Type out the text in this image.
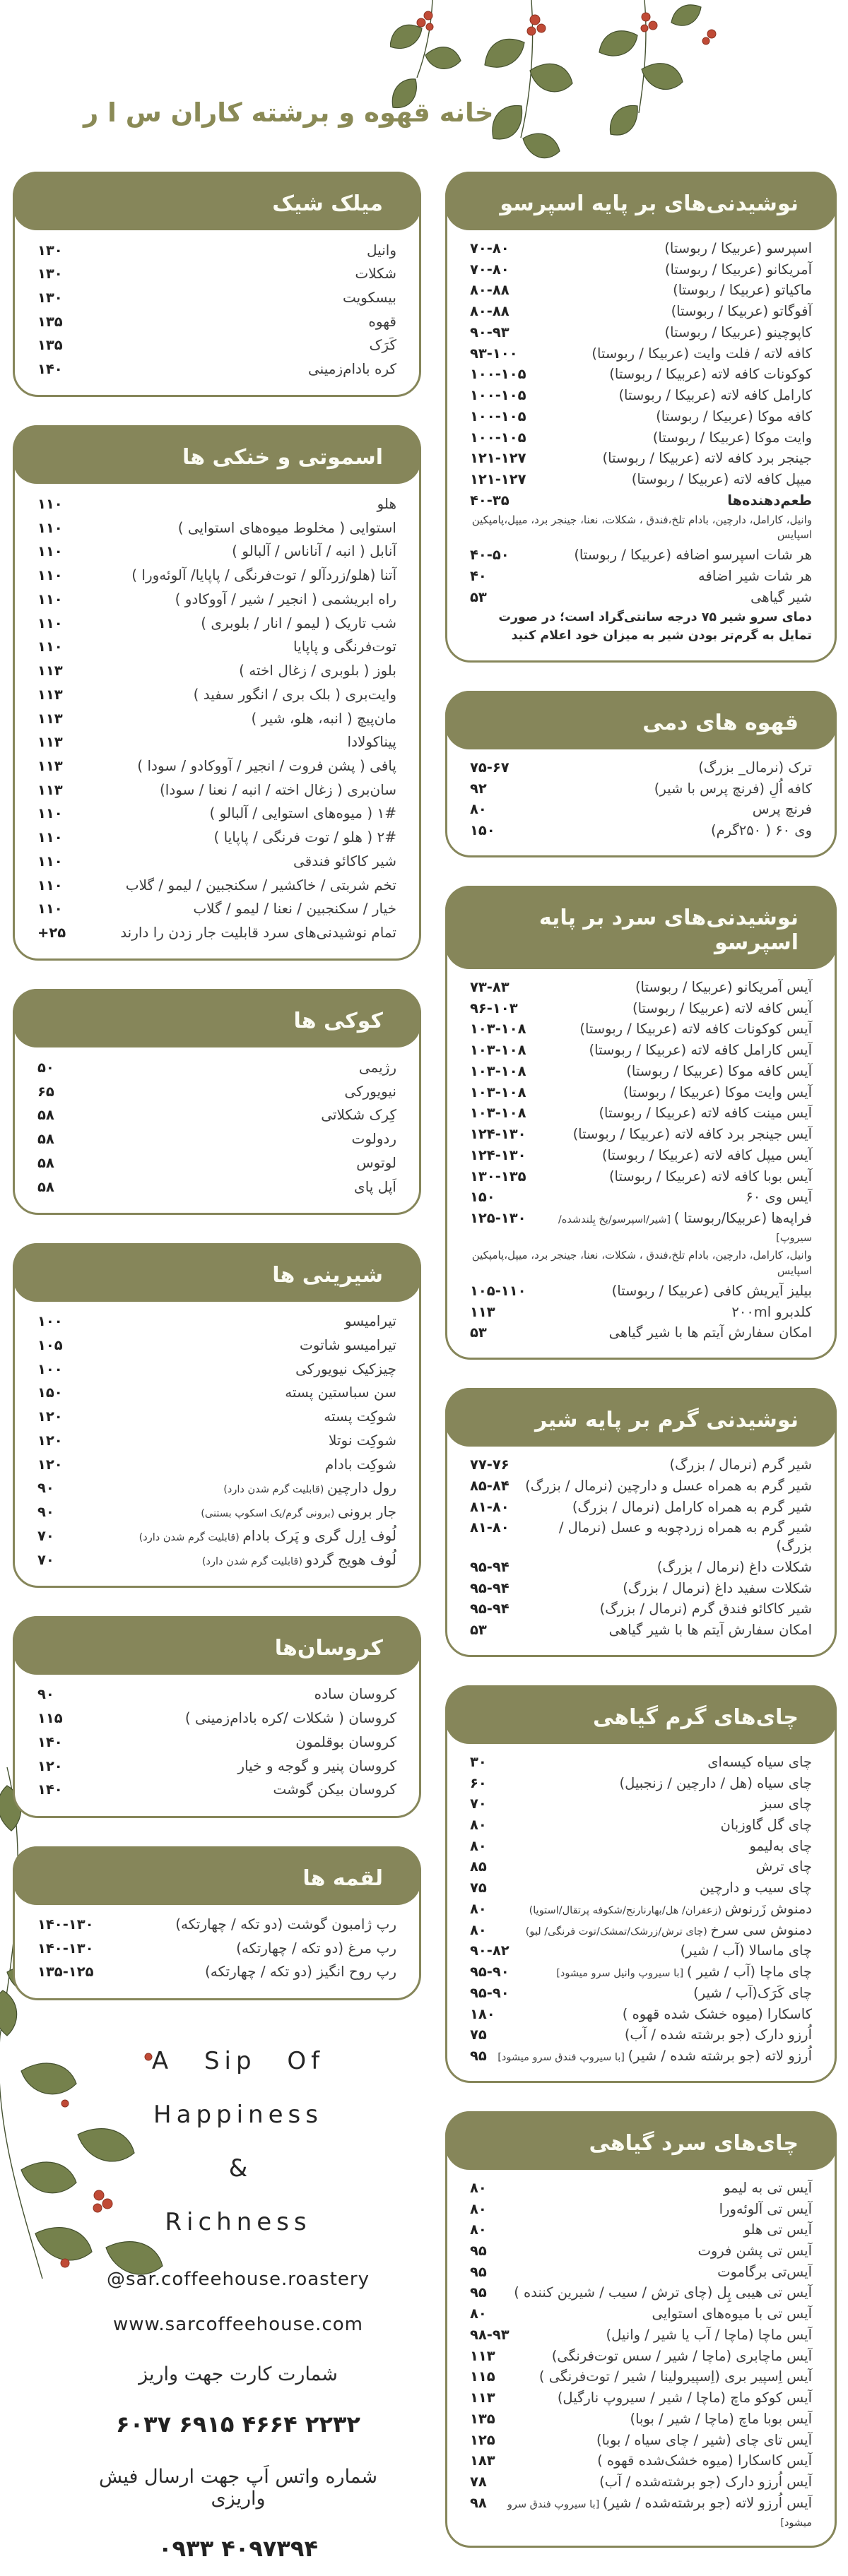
خانه قهوه و برشته کاران س ا ر
میلک شیک
وانیل
۱۳۰
شکلات
۱۳۰
بیسکویت
۱۳۰
قهوه
۱۳۵
کَرَک
۱۳۵
کره بادام‌زمینی
۱۴۰
اسموتی و خنکی ها
هلو
۱۱۰
استوایی ( مخلوط میوه‌های استوایی )
۱۱۰
آنابل ( انبه / آناناس / آلبالو )
۱۱۰
آتنا (هلو/زردآلو / توت‌فرنگی / پاپایا/ آلوئه‌ورا )
۱۱۰
راه ابریشمی ( انجیر / شیر / آووکادو )
۱۱۰
شب تاریک ( لیمو / انار / بلوبری )
۱۱۰
توت‌فرنگی و پاپایا
۱۱۰
بلوز ( بلوبری / زغال اخته )
۱۱۳
وایت‌بری ( بلک بری / انگور سفید )
۱۱۳
مان‌پیچ ( انبه، هلو، شیر )
۱۱۳
پیناکولادا
۱۱۳
پافی ( پشن فروت / انجیر / آووکادو / سودا )
۱۱۳
سان‌بری ( زغال اخته / انبه / نعنا / سودا)
۱۱۳
۱# ( میوه‌های استوایی / آلبالو )
۱۱۰
۲# ( هلو / توت فرنگی / پاپایا )
۱۱۰
شیر کاکائو فندقی
۱۱۰
تخم شربتی / خاکشیر / سکنجبین / لیمو / گلاب
۱۱۰
خیار / سکنجبین / نعنا / لیمو / گلاب
۱۱۰
تمام نوشیدنی‌های سرد قابلیت جار زدن را دارند
+۲۵
کوکی ها
رژیمی
۵۰
نیویورکی
۶۵
کِرک شکلاتی
۵۸
ردولوت
۵۸
لوتوس
۵۸
اَپل پای
۵۸
شیرینی ها
تیرامیسو
۱۰۰
تیرامیسو شاتوت
۱۰۵
چیزکیک نیویورکی
۱۰۰
سن سباستین پسته
۱۵۰
شوکِت پسته
۱۲۰
شوکِت نوتلا
۱۲۰
شوکِت بادام
۱۲۰
رول دارچین (قابلیت گرم شدن دارد)
۹۰
جار برونی (برونی گرم/یک اسکوپ بستنی)
۹۰
لُوف اِرل گری و پَرک بادام (قابلیت گرم شدن دارد)
۷۰
لُوف هویج گردو (قابلیت گرم شدن دارد)
۷۰
کروسان‌ها
کروسان ساده
۹۰
کروسان ( شکلات /کره بادام‌زمینی )
۱۱۵
کروسان بوقلمون
۱۴۰
کروسان پنیر و گوجه و خیار
۱۲۰
کروسان بیکن گوشت
۱۴۰
لقمه ها
رپ ژامبون گوشت (دو تکه / چهارتکه)
۱۴۰-۱۳۰
رپ مرغ (دو تکه / چهارتکه)
۱۴۰-۱۳۰
رپ روح انگیز (دو تکه / چهارتکه)
۱۳۵-۱۲۵
A Sip Of
Happiness
&
Richness
@sar.coffeehouse.roastery
www.sarcoffeehouse.com
شمارت کارت جهت واریز
۶۰۳۷ ۶۹۱۵ ۴۶۶۴ ۲۲۳۲
شماره واتس اَپ جهت ارسال فیش واریزی
۰۹۳۳ ۴۰۹۷۳۹۴
نوشیدنی‌های بر پایه اسپرسو
اسپرسو (عربیکا / ربوستا)
۷۰-۸۰
آمریکانو (عربیکا / ربوستا)
۷۰-۸۰
ماکیاتو (عربیکا / ربوستا)
۸۰-۸۸
آفوگاتو (عربیکا / ربوستا)
۸۰-۸۸
کاپوچینو (عربیکا / ربوستا)
۹۰-۹۳
کافه لاته / فلت وایت (عربیکا / ربوستا)
۹۳-۱۰۰
کوکونات کافه لاته (عربیکا / ربوستا)
۱۰۰-۱۰۵
کارامل کافه لاته (عربیکا / ربوستا)
۱۰۰-۱۰۵
کافه موکا (عربیکا / ربوستا)
۱۰۰-۱۰۵
وایت موکا (عربیکا / ربوستا)
۱۰۰-۱۰۵
جینجر برد کافه لاته (عربیکا / ربوستا)
۱۲۱-۱۲۷
میپل کافه لاته (عربیکا / ربوستا)
۱۲۱-۱۲۷
طعم‌دهنده‌ها
۴۰-۳۵
وانیل، کارامل، دارچین، بادام تلخ،فندق ، شکلات، نعنا، جینجر برد، میپل،پامپکین اسپایس
هر شات اسپرسو اضافه (عربیکا / ربوستا)
۴۰-۵۰
هر شات شیر اضافه
۴۰
شیر گیاهی
۵۳
دمای سرو شیر ۷۵ درجه سانتی‌گراد است؛ در صورت تمایل به گرم‌تر بودن شیر به میزان خود اعلام کنید
قهوه های دمی
ترک (نرمال_ بزرگ)
۷۵-۶۷
کافه اُلِ (فرنچ پرس با شیر)
۹۲
فرنچ پرس
۸۰
وی ۶۰ ( ۲۵۰گرم)
۱۵۰
نوشیدنی‌های سرد بر پایه اسپرسو
آیس آمریکانو (عربیکا / ربوستا)
۷۳-۸۳
آیس کافه لاته (عربیکا / ربوستا)
۹۶-۱۰۳
آیس کوکونات کافه لاته (عربیکا / ربوستا)
۱۰۳-۱۰۸
آیس کارامل کافه لاته (عربیکا / ربوستا)
۱۰۳-۱۰۸
آیس کافه موکا (عربیکا / ربوستا)
۱۰۳-۱۰۸
آیس وایت موکا (عربیکا / ربوستا)
۱۰۳-۱۰۸
آیس مینت کافه لاته (عربیکا / ربوستا)
۱۰۳-۱۰۸
آیس جینجر برد کافه لاته (عربیکا / ربوستا)
۱۲۴-۱۳۰
آیس میپل کافه لاته (عربیکا / ربوستا)
۱۲۴-۱۳۰
آیس بوبا کافه لاته (عربیکا / ربوستا)
۱۳۰-۱۳۵
آیس وی ۶۰
۱۵۰
فراپه‌ها (عربیکا/ربوستا ) [شیر/اسپرسو/یخ بِلندشده/سیروپ]
۱۲۵-۱۳۰
وانیل، کارامل، دارچین، بادام تلخ،فندق ، شکلات، نعنا، جینجر برد، میپل،پامپکین اسپایس
بیلیز آیریش کافی (عربیکا / ربوستا)
۱۰۵-۱۱۰
کلدبرو ۲۰۰ml
۱۱۳
امکان سفارش آیتم ها با شیر گیاهی
۵۳
نوشیدنی گرم بر پایه شیر
شیر گرم (نرمال / بزرگ)
۷۷-۷۶
شیر گرم به همراه عسل و دارچین (نرمال / بزرگ)
۸۵-۸۴
شیر گرم به همراه کارامل (نرمال / بزرگ)
۸۱-۸۰
شیر گرم به همراه زردچوبه و عسل (نرمال / بزرگ)
۸۱-۸۰
شکلات داغ (نرمال / بزرگ)
۹۵-۹۴
شکلات سفید داغ (نرمال / بزرگ)
۹۵-۹۴
شیر کاکائو فندق گرم (نرمال / بزرگ)
۹۵-۹۴
امکان سفارش آیتم ها با شیر گیاهی
۵۳
چای‌های گرم گیاهی
چای سیاه کیسه‌ای
۳۰
چای سیاه (هل / دارچین / زنجبیل)
۶۰
چای سبز
۷۰
چای گل گاوزبان
۸۰
چای به‌لیمو
۸۰
چای ترش
۸۵
چای سیب و دارچین
۷۵
دمنوش زَرنوش (زعفران/ هل/بهارنارنج/شکوفه پرتقال/استویا)
۸۰
دمنوش سی سرخ (چای ترش/زرشک/تمشک/توت فرنگی/ لبو)
۸۰
چای ماسالا (آب / شیر)
۹۰-۸۲
چای ماچا (آب / شیر ) [با سیروپ وانیل سرو میشود]
۹۵-۹۰
چای کَرَک(آب / شیر)
۹۵-۹۰
کاسکارا (میوه خشک شده قهوه )
۱۸۰
اُرزو دارک (جو برشته شده / آب)
۷۵
اُرزو لاته (جو برشته شده / شیر) [با سیروپ فندق سرو میشود]
۹۵
چای‌های سرد گیاهی
آیس تی به لیمو
۸۰
آیس تی آلوئه‌ورا
۸۰
آیس تی هلو
۸۰
آیس تی پشن فروت
۹۵
آیس‌تی برگاموت
۹۵
آیس تی هیبی پِل (چای ترش / سیب / شیرین کننده )
۹۵
آیس تی با میوه‌های استوایی
۸۰
آیس ماچا (ماچا / آب یا شیر / وانیل)
۹۸-۹۳
آیس ماچابری (ماچا / شیر / سس توت‌فرنگی)
۱۱۳
آیس اِسپیر بری (اِسپیرولینا / شیر / توت‌فرنگی )
۱۱۵
آیس کوکو ماچ (ماچا / شیر / سیروپ نارگیل)
۱۱۳
آیس بوبا ماچ (ماچا / شیر / بوبا)
۱۳۵
آیس تای چای (شیر / چای سیاه / بوبا)
۱۲۵
آیس کاسکارا (میوه خشک‌شده قهوه )
۱۸۳
آیس اُرزو دارک (جو برشته‌شده / آب)
۷۸
آیس اُرزو لاته (جو برشته‌شده / شیر) [با سیروپ فندق سرو میشود]
۹۸
